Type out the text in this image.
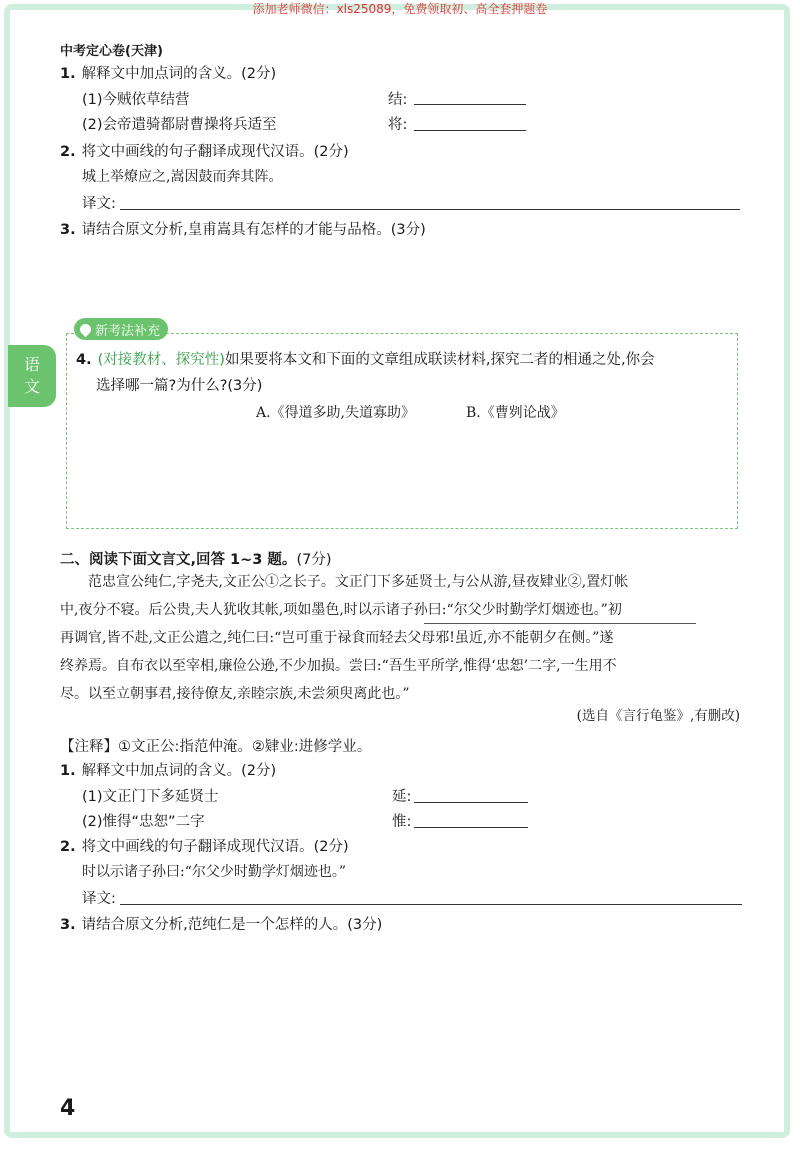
添加老师微信：xls25089，免费领取初、高全套押题卷
中考定心卷(天津)
语
文
1. 解释文中加点词的含义。(2分)
(1)今贼依草结营	结:
(2)会帝遣骑都尉曹操将兵适至	将:
2. 将文中画线的句子翻译成现代汉语。(2分)
城上举燎应之,嵩因鼓而奔其阵。
译文:
3. 请结合原文分析,皇甫嵩具有怎样的才能与品格。(3分)
新考法补充
4. (对接教材、探究性)如果要将本文和下面的文章组成联读材料,探究二者的相通之处,你会
选择哪一篇?为什么?(3分)
A.《得道多助,失道寡助》	B.《曹刿论战》
二、阅读下面文言文,回答 1~3 题。(7分)
范忠宣公纯仁,字尧夫,文正公①之长子。文正门下多延贤士,与公从游,昼夜肄业②,置灯帐
中,夜分不寝。后公贵,夫人犹收其帐,项如墨色,时以示诸子孙曰:“尔父少时勤学灯烟迹也。”初
再调官,皆不赴,文正公遣之,纯仁曰:“岂可重于禄食而轻去父母邪!虽近,亦不能朝夕在侧。”遂
终养焉。自布衣以至宰相,廉俭公逊,不少加损。尝曰:“吾生平所学,惟得‘忠恕’二字,一生用不
尽。以至立朝事君,接待僚友,亲睦宗族,未尝须臾离此也。”
(选自《言行龟鉴》,有删改)
【注释】①文正公:指范仲淹。②肄业:进修学业。
1. 解释文中加点词的含义。(2分)
(1)文正门下多延贤士	延:
(2)惟得“忠恕”二字	惟:
2. 将文中画线的句子翻译成现代汉语。(2分)
时以示诸子孙曰:“尔父少时勤学灯烟迹也。”
译文:
3. 请结合原文分析,范纯仁是一个怎样的人。(3分)
4
